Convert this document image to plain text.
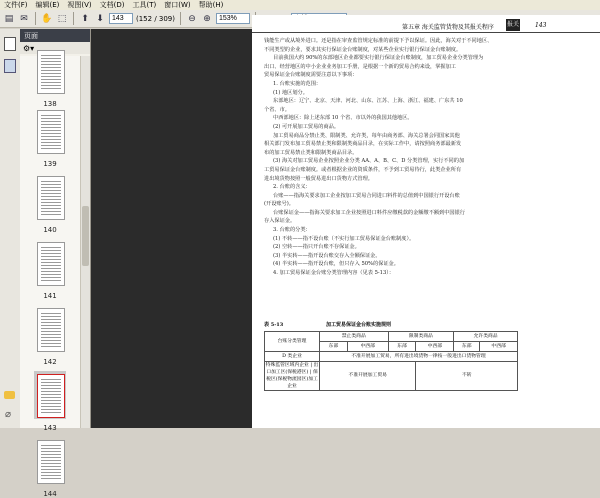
文件(F)	编辑(E)	视图(V)	文档(D)	工具(T)	窗口(W)	帮助(H)
▤ ✉ ✋ ⬚ ⬆ ⬇
143	(152 / 309) ⊖ ⊕
153%
查找
⌀
页面
⚙▾
138
139
140
141
142
143
144
第五章 海关监管货物及其报关程序 报关	143

钱能生产或从境外进口。还是指在审查监管规定标准的前提下予以保证。因此，海关对于不同地区、

不同类型的企业，要求其实行保证金台账制度，对某些企业实行银行保证金台账制度。

目前我国大约 90%的东部地区企业都要实行银行保证金台账制度，加工贸易企业分类管理为

出口、经营地区的中小企业业务加工手册，是根据一个新的贸易合约来设，掌握加工

贸易保证金台账制度需要注意以下事项：

1. 台账实施的范围：

(1) 地区划分。

东部地区：辽宁、北京、天津、河北、山东、江苏、上海、浙江、福建、广东共 10

个省、市。

中西部地区：除上述东部 10 个省、市以外的我国其他地区。

(2) 可开展加工贸易的商品。

加工贸易商品分禁止类、限制类、允许类，每年由商务部、海关总署会同国家其他

相关部门发布加工贸易禁止类和限制类商品目录，在实际工作中，请按照商务部最新发

布的加工贸易禁止类和限制类商品目录。

(3) 海关对加工贸易企业按照企业分类 AA、A、B、C、D 分类管理，实行不同的加

工贸易保证金台账制度。或者根据企业的资质条件，不予到工贸易待行，此类企业所有

进出境货物按照一般贸易进出口货物方式管理。

2. 台账的含义：

台账——指海关要求加工企业按加工贸易合同进口料件的总值到中国银行开设台账

(开设账号)。

台账保证金——指海关要求加工企业按照进口料件应缴税款的金额缴不额到中国银行

存入保证金。

3. 台账的分类：

(1) 不转——指不设台账（不实行加工贸易保证金台账制度）。

(2) 空转——指只开台账不存保证金。

(3) 半实转——指开设台账交存入全额保证金。

(4) 半实转——指开设台账，但只存入 50%的保证金。

4. 加工贸易保证金台账分类管理内容（见表 5-13）：

表 5-13	加工贸易保证金台账实施规则
台账分类管理	禁止类商品		限制类商品		允许类商品	
	东部	中西部	东部	中西部	东部	中西部
D 类企业	不准开展加工贸易，所有进出境货物一律按一般进出口货物管理					
特殊监管区域内企业 | 出口加工区(保税港区) | 保税区(保税物流园区)加工企业	不准开展加工贸易			不转		
